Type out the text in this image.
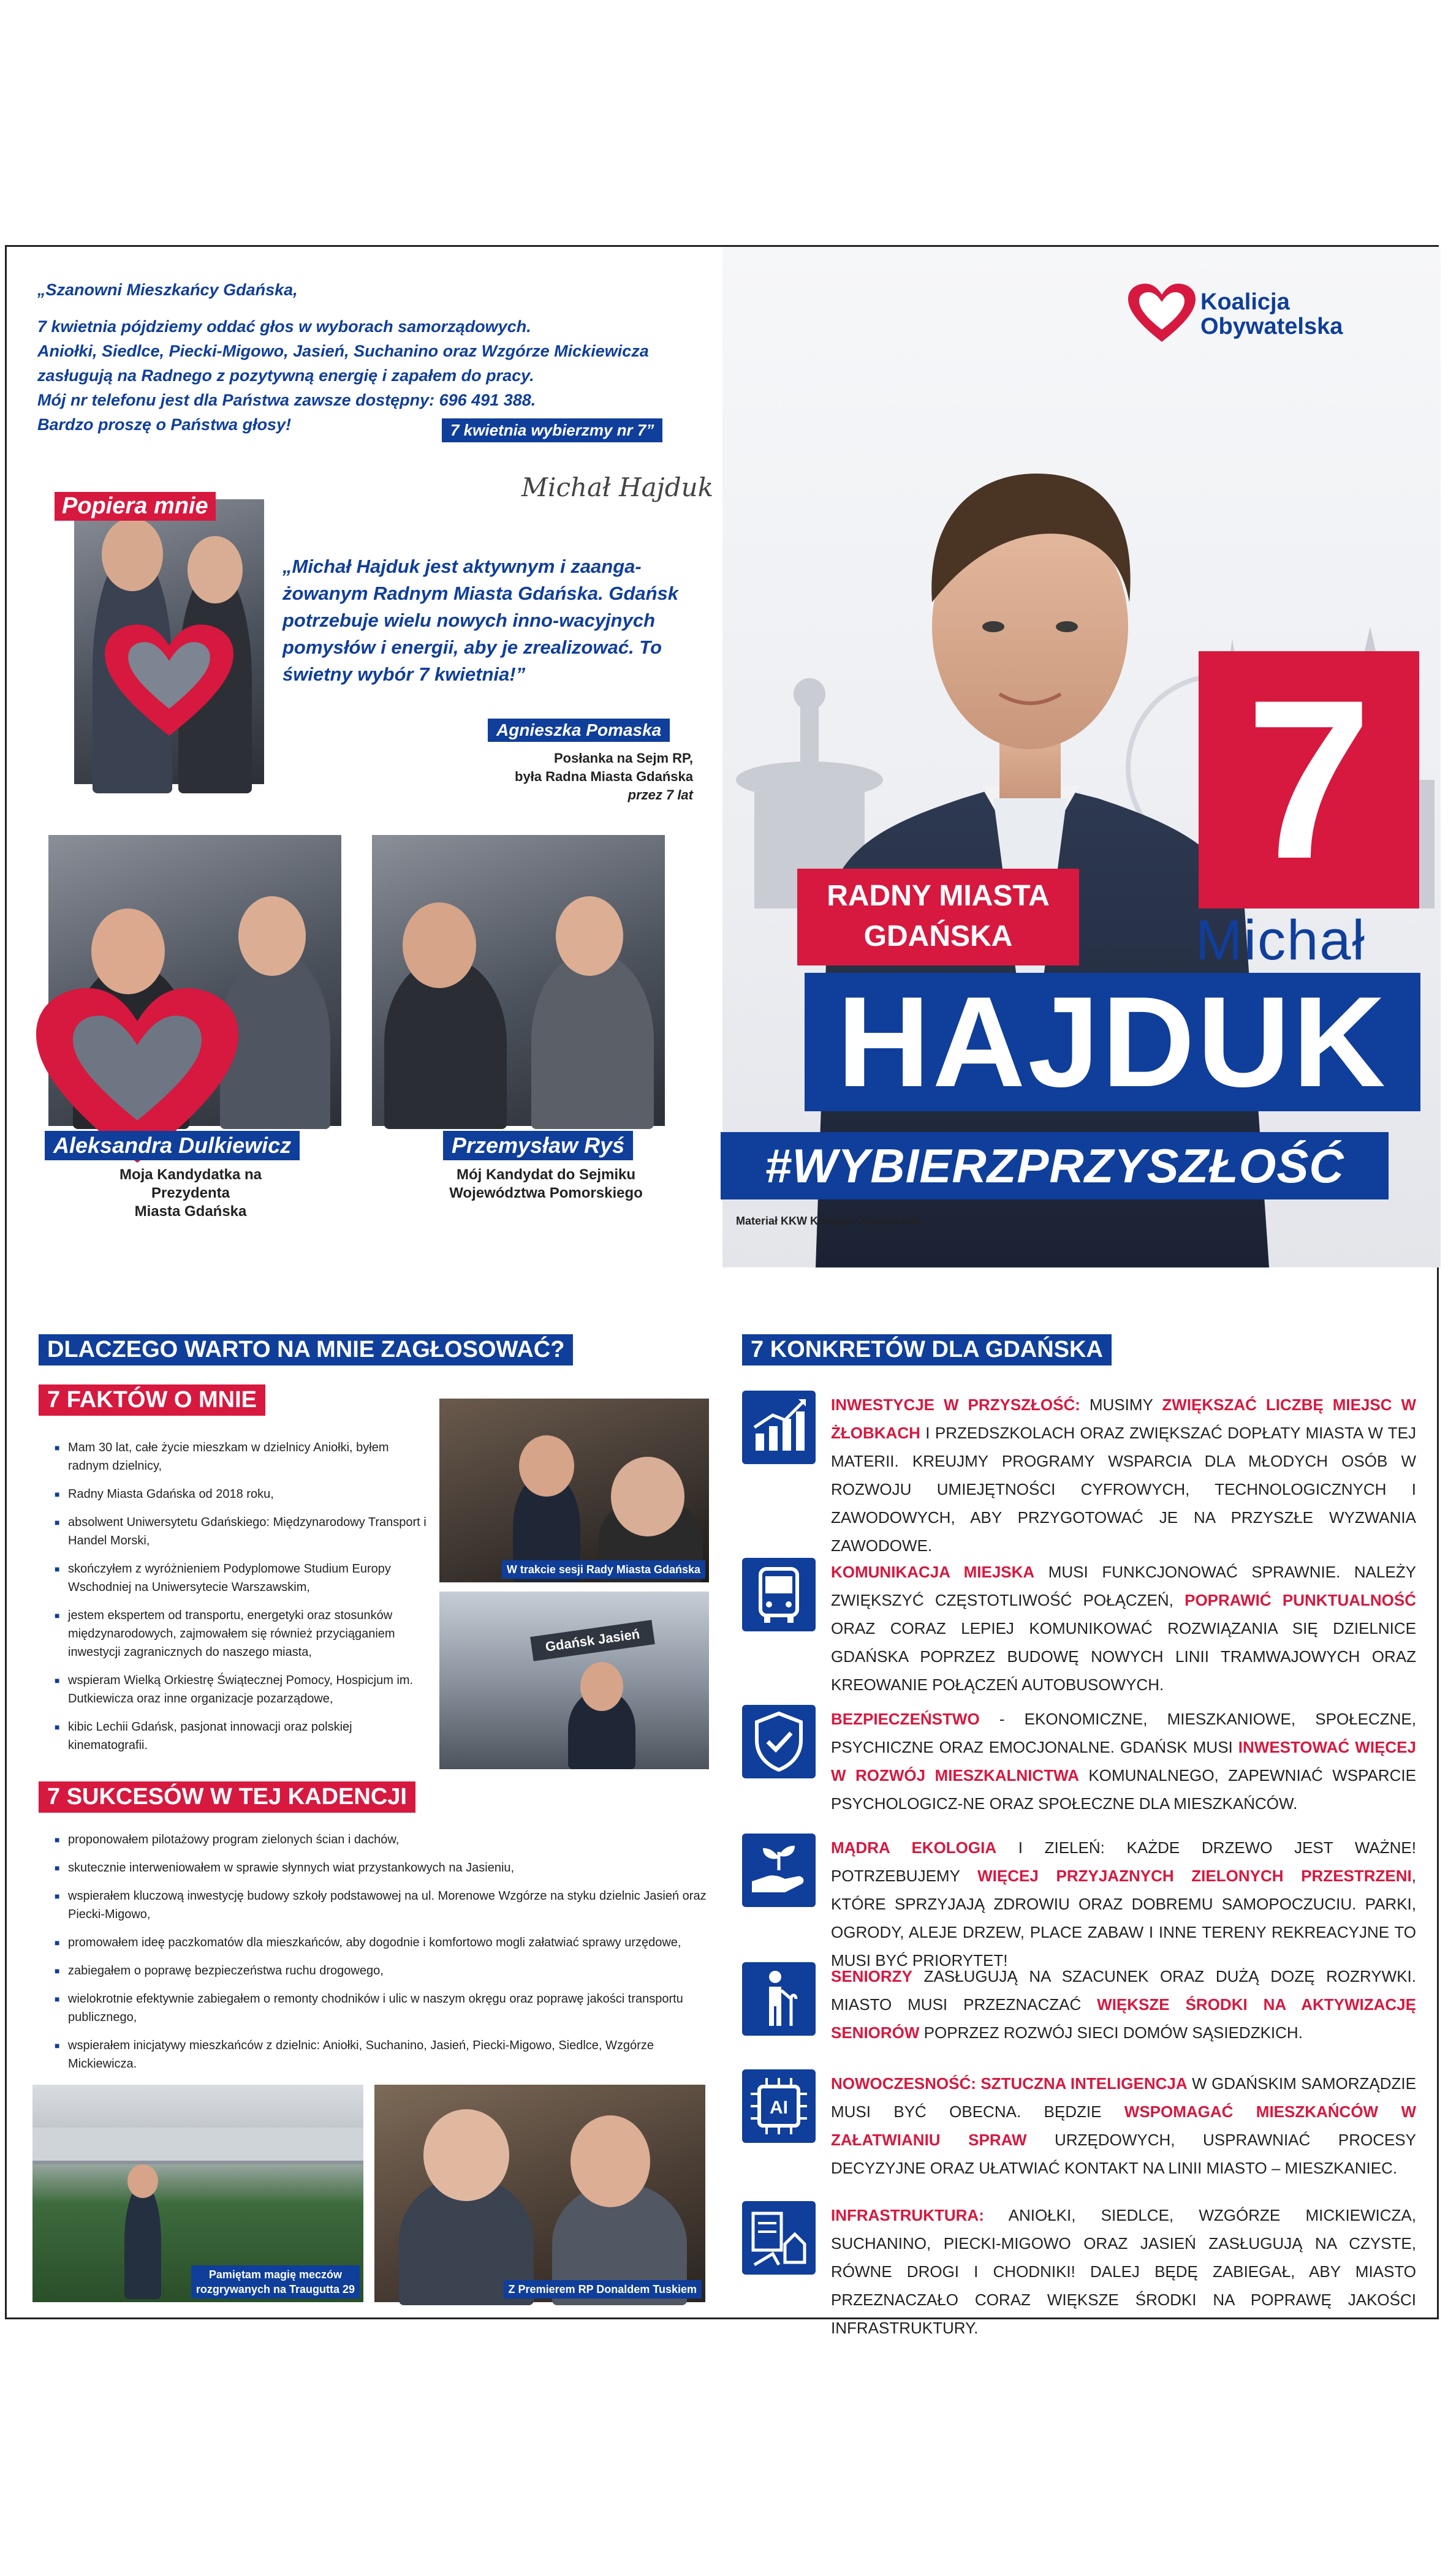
Koalicja
Obywatelska
7
RADNY MIASTA
GDAŃSKA	Michał
HAJDUK
#WYBIERZPRZYSZŁOŚĆ
Materiał KKW Koalicja Obywatelska

„Szanowni Mieszkańcy Gdańska,

7 kwietnia pójdziemy oddać głos w wyborach samorządowych.

Aniołki, Siedlce, Piecki-Migowo, Jasień, Suchanino oraz Wzgórze Mickiewicza

zasługują na Radnego z pozytywną energię i zapałem do pracy.

Mój nr telefonu jest dla Państwa zawsze dostępny: 696 491 388.

Bardzo proszę o Państwa głosy!	7 kwietnia wybierzmy nr 7”
Michał Hajduk
Popiera mnie
„Michał Hajduk jest aktywnym i zaanga-żowanym Radnym Miasta Gdańska. Gdańsk potrzebuje wielu nowych inno-wacyjnych pomysłów i energii, aby je zrealizować. To świetny wybór 7 kwietnia!”
Agnieszka Pomaska
Posłanka na Sejm RP,
była Radna Miasta Gdańska
przez 7 lat
Aleksandra Dulkiewicz
Moja Kandydatka na Prezydenta
Miasta Gdańska
Przemysław Ryś
Mój Kandydat do Sejmiku
Województwa Pomorskiego
DLACZEGO WARTO NA MNIE ZAGŁOSOWAĆ?
7 FAKTÓW O MNIE
■ Mam 30 lat, całe życie mieszkam w dzielnicy Aniołki, byłem radnym dzielnicy,
■ Radny Miasta Gdańska od 2018 roku,
■ absolwent Uniwersytetu Gdańskiego: Międzynarodowy Transport i Handel Morski,
■ skończyłem z wyróżnieniem Podyplomowe Studium Europy Wschodniej na Uniwersytecie Warszawskim,
■ jestem ekspertem od transportu, energetyki oraz stosunków międzynarodowych, zajmowałem się również przyciąganiem inwestycji zagranicznych do naszego miasta,
■ wspieram Wielką Orkiestrę Świątecznej Pomocy, Hospicjum im. Dutkiewicza oraz inne organizacje pozarządowe,
■ kibic Lechii Gdańsk, pasjonat innowacji oraz polskiej kinematografii.
W trakcie sesji Rady Miasta Gdańska
Gdańsk Jasień
7 SUKCESÓW W TEJ KADENCJI
■ proponowałem pilotażowy program zielonych ścian i dachów,
■ skutecznie interweniowałem w sprawie słynnych wiat przystankowych na Jasieniu,
■ wspierałem kluczową inwestycję budowy szkoły podstawowej na ul. Morenowe Wzgórze na styku dzielnic Jasień oraz Piecki-Migowo,
■ promowałem ideę paczkomatów dla mieszkańców, aby dogodnie i komfortowo mogli załatwiać sprawy urzędowe,
■ zabiegałem o poprawę bezpieczeństwa ruchu drogowego,
■ wielokrotnie efektywnie zabiegałem o remonty chodników i ulic w naszym okręgu oraz poprawę jakości transportu publicznego,
■ wspierałem inicjatywy mieszkańców z dzielnic: Aniołki, Suchanino, Jasień, Piecki-Migowo, Siedlce, Wzgórze Mickiewicza.
Pamiętam magię meczów
rozgrywanych na Traugutta 29	Z Premierem RP Donaldem Tuskiem
7 KONKRETÓW DLA GDAŃSKA
INWESTYCJE W PRZYSZŁOŚĆ: MUSIMY ZWIĘKSZAĆ LICZBĘ MIEJSC W ŻŁOBKACH I PRZEDSZKOLACH ORAZ ZWIĘKSZAĆ DOPŁATY MIASTA W TEJ MATERII. KREUJMY PROGRAMY WSPARCIA DLA MŁODYCH OSÓB W ROZWOJU UMIEJĘTNOŚCI CYFROWYCH, TECHNOLOGICZNYCH I ZAWODOWYCH, ABY PRZYGOTOWAĆ JE NA PRZYSZŁE WYZWANIA ZAWODOWE.
KOMUNIKACJA MIEJSKA MUSI FUNKCJONOWAĆ SPRAWNIE. NALEŻY ZWIĘKSZYĆ CZĘSTOTLIWOŚĆ POŁĄCZEŃ, POPRAWIĆ PUNKTUALNOŚĆ ORAZ CORAZ LEPIEJ KOMUNIKOWAĆ ROZWIĄZANIA SIĘ DZIELNICE GDAŃSKA POPRZEZ BUDOWĘ NOWYCH LINII TRAMWAJOWYCH ORAZ KREOWANIE POŁĄCZEŃ AUTOBUSOWYCH.
BEZPIECZEŃSTWO - EKONOMICZNE, MIESZKANIOWE, SPOŁECZNE, PSYCHICZNE ORAZ EMOCJONALNE. GDAŃSK MUSI INWESTOWAĆ WIĘCEJ W ROZWÓJ MIESZKALNICTWA KOMUNALNEGO, ZAPEWNIAĆ WSPARCIE PSYCHOLOGICZ-NE ORAZ SPOŁECZNE DLA MIESZKAŃCÓW.
MĄDRA EKOLOGIA I ZIELEŃ: KAŻDE DRZEWO JEST WAŻNE! POTRZEBUJEMY WIĘCEJ PRZYJAZNYCH ZIELONYCH PRZESTRZENI, KTÓRE SPRZYJAJĄ ZDROWIU ORAZ DOBREMU SAMOPOCZUCIU. PARKI, OGRODY, ALEJE DRZEW, PLACE ZABAW I INNE TERENY REKREACYJNE TO MUSI BYĆ PRIORYTET!
SENIORZY ZASŁUGUJĄ NA SZACUNEK ORAZ DUŻĄ DOZĘ ROZRYWKI. MIASTO MUSI PRZEZNACZAĆ WIĘKSZE ŚRODKI NA AKTYWIZACJĘ SENIORÓW POPRZEZ ROZWÓJ SIECI DOMÓW SĄSIEDZKICH.
AI
NOWOCZESNOŚĆ: SZTUCZNA INTELIGENCJA W GDAŃSKIM SAMORZĄDZIE MUSI BYĆ OBECNA. BĘDZIE WSPOMAGAĆ MIESZKAŃCÓW W ZAŁATWIANIU SPRAW URZĘDOWYCH, USPRAWNIAĆ PROCESY DECYZYJNE ORAZ UŁATWIAĆ KONTAKT NA LINII MIASTO – MIESZKANIEC.
INFRASTRUKTURA: ANIOŁKI, SIEDLCE, WZGÓRZE MICKIEWICZA, SUCHANINO, PIECKI-MIGOWO ORAZ JASIEŃ ZASŁUGUJĄ NA CZYSTE, RÓWNE DROGI I CHODNIKI! DALEJ BĘDĘ ZABIEGAŁ, ABY MIASTO PRZEZNACZAŁO CORAZ WIĘKSZE ŚRODKI NA POPRAWĘ JAKOŚCI INFRASTRUKTURY.
